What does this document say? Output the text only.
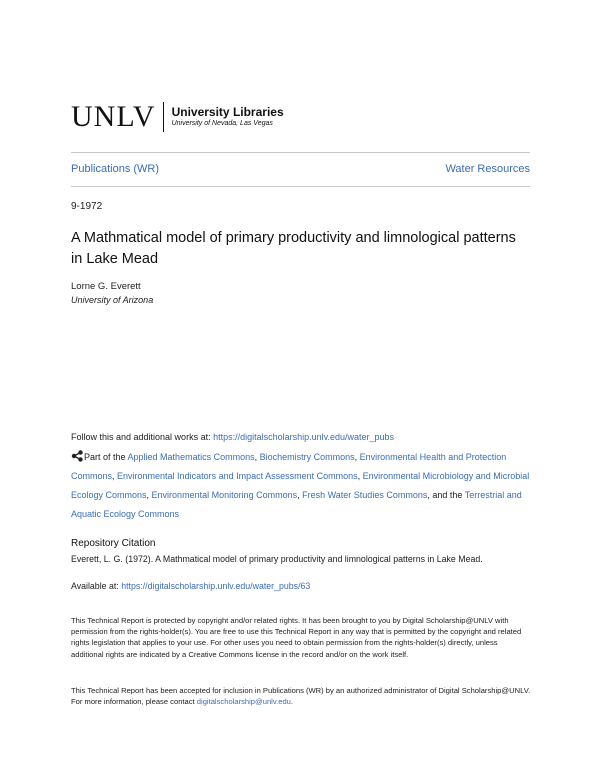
UNLV University Libraries
University of Nevada, Las Vegas
Publications (WR)	Water Resources
9-1972
A Mathmatical model of primary productivity and limnological patterns in Lake Mead
Lorne G. Everett
University of Arizona
Follow this and additional works at: https://digitalscholarship.unlv.edu/water_pubs
Part of the Applied Mathematics Commons, Biochemistry Commons, Environmental Health and Protection Commons, Environmental Indicators and Impact Assessment Commons, Environmental Microbiology and Microbial Ecology Commons, Environmental Monitoring Commons, Fresh Water Studies Commons, and the Terrestrial and Aquatic Ecology Commons
Repository Citation
Everett, L. G. (1972). A Mathmatical model of primary productivity and limnological patterns in Lake Mead.
Available at: https://digitalscholarship.unlv.edu/water_pubs/63
This Technical Report is protected by copyright and/or related rights. It has been brought to you by Digital Scholarship@UNLV with permission from the rights-holder(s). You are free to use this Technical Report in any way that is permitted by the copyright and related rights legislation that applies to your use. For other uses you need to obtain permission from the rights-holder(s) directly, unless additional rights are indicated by a Creative Commons license in the record and/or on the work itself.
This Technical Report has been accepted for inclusion in Publications (WR) by an authorized administrator of Digital Scholarship@UNLV. For more information, please contact digitalscholarship@unlv.edu.
